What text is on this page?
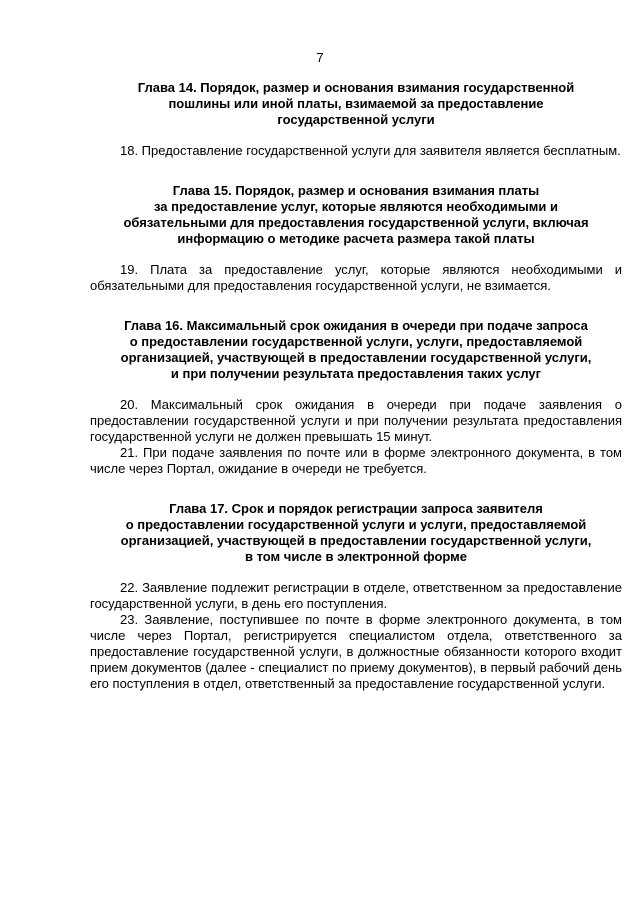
7
Глава 14. Порядок, размер и основания взимания государственной
пошлины или иной платы, взимаемой за предоставление
государственной услуги

18. Предоставление государственной услуги для заявителя является бесплатным.

Глава 15. Порядок, размер и основания взимания платы
за предоставление услуг, которые являются необходимыми и
обязательными для предоставления государственной услуги, включая
информацию о методике расчета размера такой платы

19. Плата за предоставление услуг, которые являются необходимыми и обязательными для предоставления государственной услуги, не взимается.

Глава 16. Максимальный срок ожидания в очереди при подаче запроса
о предоставлении государственной услуги, услуги, предоставляемой
организацией, участвующей в предоставлении государственной услуги,
и при получении результата предоставления таких услуг

20. Максимальный срок ожидания в очереди при подаче заявления о предоставлении государственной услуги и при получении результата предоставления государственной услуги не должен превышать 15 минут.

21. При подаче заявления по почте или в форме электронного документа, в том числе через Портал, ожидание в очереди не требуется.

Глава 17. Срок и порядок регистрации запроса заявителя
о предоставлении государственной услуги и услуги, предоставляемой
организацией, участвующей в предоставлении государственной услуги,
в том числе в электронной форме

22. Заявление подлежит регистрации в отделе, ответственном за предоставление государственной услуги, в день его поступления.

23. Заявление, поступившее по почте в форме электронного документа, в том числе через Портал, регистрируется специалистом отдела, ответственного за предоставление государственной услуги, в должностные обязанности которого входит прием документов (далее - специалист по приему документов), в первый рабочий день его поступления в отдел, ответственный за предоставление государственной услуги.
